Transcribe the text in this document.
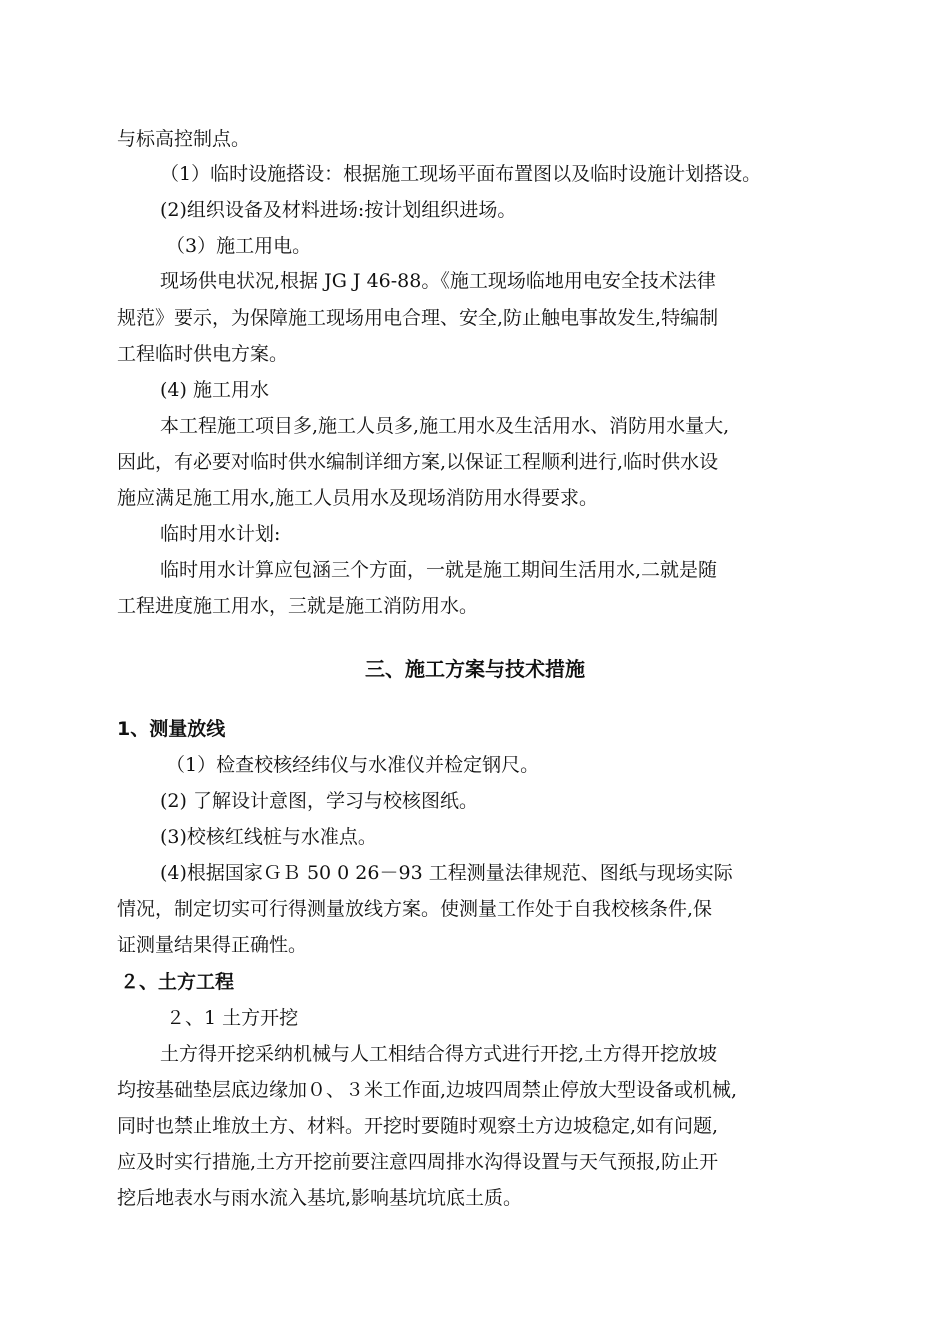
与标高控制点。
（1）临时设施搭设：根据施工现场平面布置图以及临时设施计划搭设。
(2)组织设备及材料进场:按计划组织进场。
（3）施工用电。
现场供电状况,根据 JG J 46-88。《施工现场临地用电安全技术法律
规范》要示，为保障施工现场用电合理、安全,防止触电事故发生,特编制
工程临时供电方案。
(4) 施工用水
本工程施工项目多,施工人员多,施工用水及生活用水、消防用水量大,
因此，有必要对临时供水编制详细方案,以保证工程顺利进行,临时供水设
施应满足施工用水,施工人员用水及现场消防用水得要求。
临时用水计划:
临时用水计算应包涵三个方面，一就是施工期间生活用水,二就是随
工程进度施工用水，三就是施工消防用水。
三、施工方案与技术措施
1、测量放线
（1）检查校核经纬仪与水准仪并检定钢尺。
(2) 了解设计意图，学习与校核图纸。
(3)校核红线桩与水准点。
(4)根据国家ＧＢ 50 0 26－93 工程测量法律规范、图纸与现场实际
情况，制定切实可行得测量放线方案。使测量工作处于自我校核条件,保
证测量结果得正确性。
２、土方工程
２、1 土方开挖
土方得开挖采纳机械与人工相结合得方式进行开挖,土方得开挖放坡
均按基础垫层底边缘加０、３米工作面,边坡四周禁止停放大型设备或机械,
同时也禁止堆放土方、材料。开挖时要随时观察土方边坡稳定,如有问题,
应及时实行措施,土方开挖前要注意四周排水沟得设置与天气预报,防止开
挖后地表水与雨水流入基坑,影响基坑坑底土质。
